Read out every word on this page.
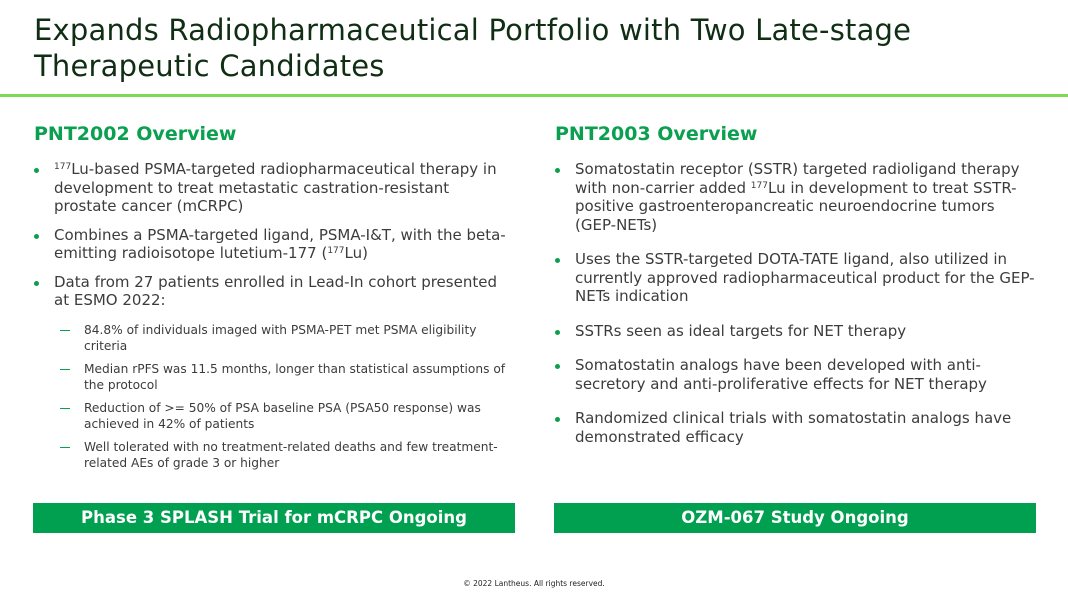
Expands Radiopharmaceutical Portfolio with Two Late-stage
Therapeutic Candidates
PNT2002 Overview
$^{177}$Lu-based PSMA-targeted radiopharmaceutical therapy in development to treat metastatic castration-resistant prostate cancer (mCRPC)
Combines a PSMA-targeted ligand, PSMA-I&T, with the beta-emitting radioisotope lutetium-177 ($^{177}$Lu)
Data from 27 patients enrolled in Lead-In cohort presented at ESMO 2022:
84.8% of individuals imaged with PSMA-PET met PSMA eligibility criteria
Median rPFS was 11.5 months, longer than statistical assumptions of the protocol
Reduction of >= 50% of PSA baseline PSA (PSA50 response) was achieved in 42% of patients
Well tolerated with no treatment-related deaths and few treatment-related AEs of grade 3 or higher
PNT2003 Overview
Somatostatin receptor (SSTR) targeted radioligand therapy with non-carrier added $^{177}$Lu in development to treat SSTR-positive gastroenteropancreatic neuroendocrine tumors (GEP-NETs)
Uses the SSTR-targeted DOTA-TATE ligand, also utilized in currently approved radiopharmaceutical product for the GEP-NETs indication
SSTRs seen as ideal targets for NET therapy
Somatostatin analogs have been developed with anti-secretory and anti-proliferative effects for NET therapy
Randomized clinical trials with somatostatin analogs have demonstrated efficacy
Phase 3 SPLASH Trial for mCRPC Ongoing	OZM-067 Study Ongoing
© 2022 Lantheus. All rights reserved.
